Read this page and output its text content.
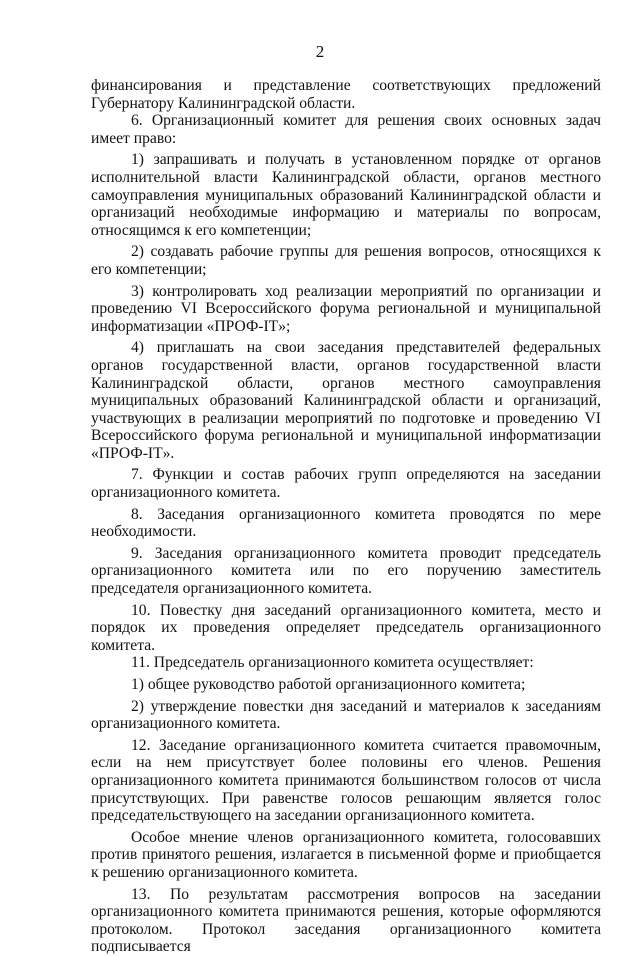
2

финансирования и представление соответствующих предложений Губернатору Калининградской области.

6. Организационный комитет для решения своих основных задач имеет право:

1) запрашивать и получать в установленном порядке от органов исполнительной власти Калининградской области, органов местного самоуправления муниципальных образований Калининградской области и организаций необходимые информацию и материалы по вопросам, относящимся к его компетенции;

2) создавать рабочие группы для решения вопросов, относящихся к его компетенции;

3) контролировать ход реализации мероприятий по организации и проведению VI Всероссийского форума региональной и муниципальной информатизации «ПРОФ-IT»;

4) приглашать на свои заседания представителей федеральных органов государственной власти, органов государственной власти Калининградской области, органов местного самоуправления муниципальных образований Калининградской области и организаций, участвующих в реализации мероприятий по подготовке и проведению VI Всероссийского форума региональной и муниципальной информатизации «ПРОФ-IT».

7. Функции и состав рабочих групп определяются на заседании организационного комитета.

8. Заседания организационного комитета проводятся по мере необходимости.

9. Заседания организационного комитета проводит председатель организационного комитета или по его поручению заместитель председателя организационного комитета.

10. Повестку дня заседаний организационного комитета, место и порядок их проведения определяет председатель организационного комитета.

11. Председатель организационного комитета осуществляет:

1) общее руководство работой организационного комитета;

2) утверждение повестки дня заседаний и материалов к заседаниям организационного комитета.

12. Заседание организационного комитета считается правомочным, если на нем присутствует более половины его членов. Решения организационного комитета принимаются большинством голосов от числа присутствующих. При равенстве голосов решающим является голос председательствующего на заседании организационного комитета.

Особое мнение членов организационного комитета, голосовавших против принятого решения, излагается в письменной форме и приобщается к решению организационного комитета.

13. По результатам рассмотрения вопросов на заседании организационного комитета принимаются решения, которые оформляются протоколом. Протокол заседания организационного комитета подписывается
